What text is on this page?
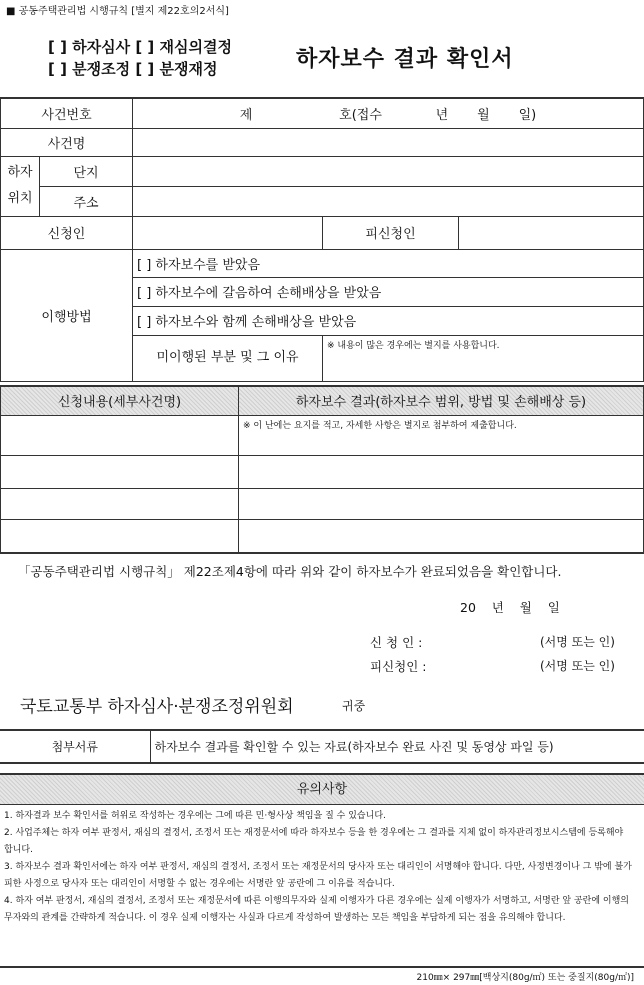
■ 공동주택관리법 시행규칙 [별지 제22호의2서식]
[ ] 하자심사 [ ] 재심의결정
[ ] 분쟁조정 [ ] 분쟁재정	하자보수 결과 확인서
사건번호		제                     호(접수             년       월       일)		
사건명				
하자 위치	단지			
	주소			
신청인			피신청인	
이행방법		[ ] 하자보수를 받았음		
		[ ] 하자보수에 갈음하여 손해배상을 받았음		
		[ ] 하자보수와 함께 손해배상을 받았음		
		미이행된 부분 및 그 이유	※ 내용이 많은 경우에는 별지를 사용합니다.	
신청내용(세부사건명)	하자보수 결과(하자보수 범위, 방법 및 손해배상 등)
	※ 이 난에는 요지를 적고, 자세한 사항은 별지로 첨부하여 제출합니다.

「공동주택관리법 시행규칙」 제22조제4항에 따라 위와 같이 하자보수가 완료되었음을 확인합니다.
20    년    월    일
신 청 인 :	(서명 또는 인)
피신청인 :	(서명 또는 인)
국토교통부 하자심사·분쟁조정위원회	귀중
첨부서류	하자보수 결과를 확인할 수 있는 자료(하자보수 완료 사진 및 동영상 파일 등)
유의사항
1. 하자결과 보수 확인서를 허위로 작성하는 경우에는 그에 따른 민·형사상 책임을 질 수 있습니다.
2. 사업주체는 하자 여부 판정서, 재심의 결정서, 조정서 또는 재정문서에 따라 하자보수 등을 한 경우에는 그 결과를 지체 없이 하자관리정보시스템에 등록해야 합니다.
3. 하자보수 결과 확인서에는 하자 여부 판정서, 재심의 결정서, 조정서 또는 재정문서의 당사자 또는 대리인이 서명해야 합니다. 다만, 사정변경이나 그 밖에 불가피한 사정으로 당사자 또는 대리인이 서명할 수 없는 경우에는 서명란 앞 공란에 그 이유를 적습니다.
4. 하자 여부 판정서, 재심의 결정서, 조정서 또는 재정문서에 따른 이행의무자와 실제 이행자가 다른 경우에는 실제 이행자가 서명하고, 서명란 앞 공란에 이행의무자와의 관계를 간략하게 적습니다. 이 경우 실제 이행자는 사실과 다르게 작성하여 발생하는 모든 책임을 부담하게 되는 점을 유의해야 합니다.
210㎜× 297㎜[백상지(80g/㎡) 또는 중질지(80g/㎡)]
